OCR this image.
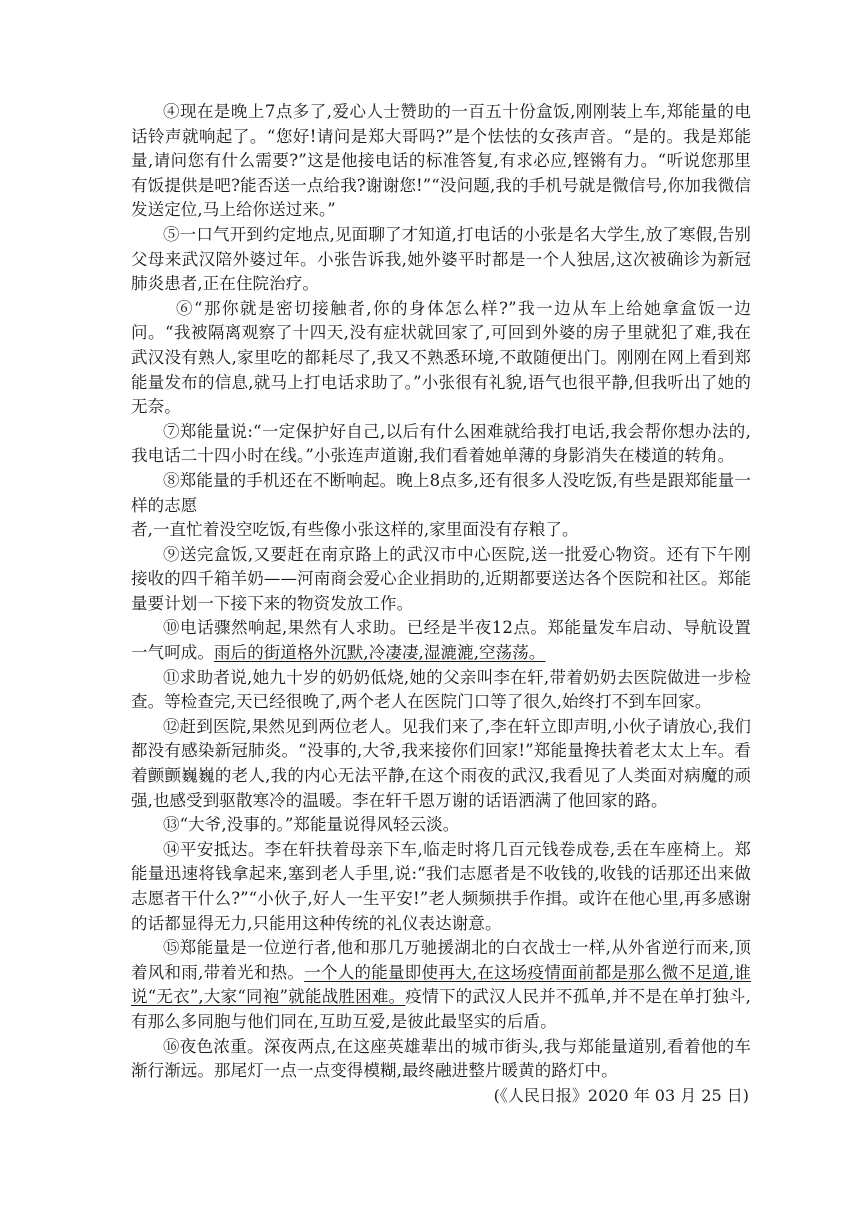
④现在是晚上7点多了,爱心人士赞助的一百五十份盒饭,刚刚装上车,郑能量的电话铃声就响起了。“您好!请问是郑大哥吗?”是个怯怯的女孩声音。“是的。我是郑能量,请问您有什么需要?”这是他接电话的标准答复,有求必应,铿锵有力。“听说您那里有饭提供是吧?能否送一点给我?谢谢您!”“没问题,我的手机号就是微信号,你加我微信发送定位,马上给你送过来。”

⑤一口气开到约定地点,见面聊了才知道,打电话的小张是名大学生,放了寒假,告别父母来武汉陪外婆过年。小张告诉我,她外婆平时都是一个人独居,这次被确诊为新冠肺炎患者,正在住院治疗。

⑥“那你就是密切接触者,你的身体怎么样?”我一边从车上给她拿盒饭一边问。“我被隔离观察了十四天,没有症状就回家了,可回到外婆的房子里就犯了难,我在武汉没有熟人,家里吃的都耗尽了,我又不熟悉环境,不敢随便出门。刚刚在网上看到郑能量发布的信息,就马上打电话求助了。”小张很有礼貌,语气也很平静,但我听出了她的无奈。

⑦郑能量说:“一定保护好自己,以后有什么困难就给我打电话,我会帮你想办法的,我电话二十四小时在线。”小张连声道谢,我们看着她单薄的身影消失在楼道的转角。

⑧郑能量的手机还在不断响起。晚上8点多,还有很多人没吃饭,有些是跟郑能量一样的志愿

者,一直忙着没空吃饭,有些像小张这样的,家里面没有存粮了。

⑨送完盒饭,又要赶在南京路上的武汉市中心医院,送一批爱心物资。还有下午刚接收的四千箱羊奶——河南商会爱心企业捐助的,近期都要送达各个医院和社区。郑能量要计划一下接下来的物资发放工作。

⑩电话骤然响起,果然有人求助。已经是半夜12点。郑能量发车启动、导航设置一气呵成。雨后的街道格外沉默,冷凄凄,湿漉漉,空荡荡。

⑪求助者说,她九十岁的奶奶低烧,她的父亲叫李在轩,带着奶奶去医院做进一步检查。等检查完,天已经很晚了,两个老人在医院门口等了很久,始终打不到车回家。

⑫赶到医院,果然见到两位老人。见我们来了,李在轩立即声明,小伙子请放心,我们都没有感染新冠肺炎。“没事的,大爷,我来接你们回家!”郑能量搀扶着老太太上车。看着颤颤巍巍的老人,我的内心无法平静,在这个雨夜的武汉,我看见了人类面对病魔的顽强,也感受到驱散寒冷的温暖。李在轩千恩万谢的话语洒满了他回家的路。

⑬“大爷,没事的。”郑能量说得风轻云淡。

⑭平安抵达。李在轩扶着母亲下车,临走时将几百元钱卷成卷,丢在车座椅上。郑能量迅速将钱拿起来,塞到老人手里,说:“我们志愿者是不收钱的,收钱的话那还出来做志愿者干什么?”“小伙子,好人一生平安!”老人频频拱手作揖。或许在他心里,再多感谢的话都显得无力,只能用这种传统的礼仪表达谢意。

⑮郑能量是一位逆行者,他和那几万驰援湖北的白衣战士一样,从外省逆行而来,顶着风和雨,带着光和热。一个人的能量即使再大,在这场疫情面前都是那么微不足道,谁说“无衣”,大家“同袍”就能战胜困难。疫情下的武汉人民并不孤单,并不是在单打独斗,有那么多同胞与他们同在,互助互爱,是彼此最坚实的后盾。

⑯夜色浓重。深夜两点,在这座英雄辈出的城市街头,我与郑能量道别,看着他的车渐行渐远。那尾灯一点一点变得模糊,最终融进整片暖黄的路灯中。

(《人民日报》2020 年 03 月 25 日)
